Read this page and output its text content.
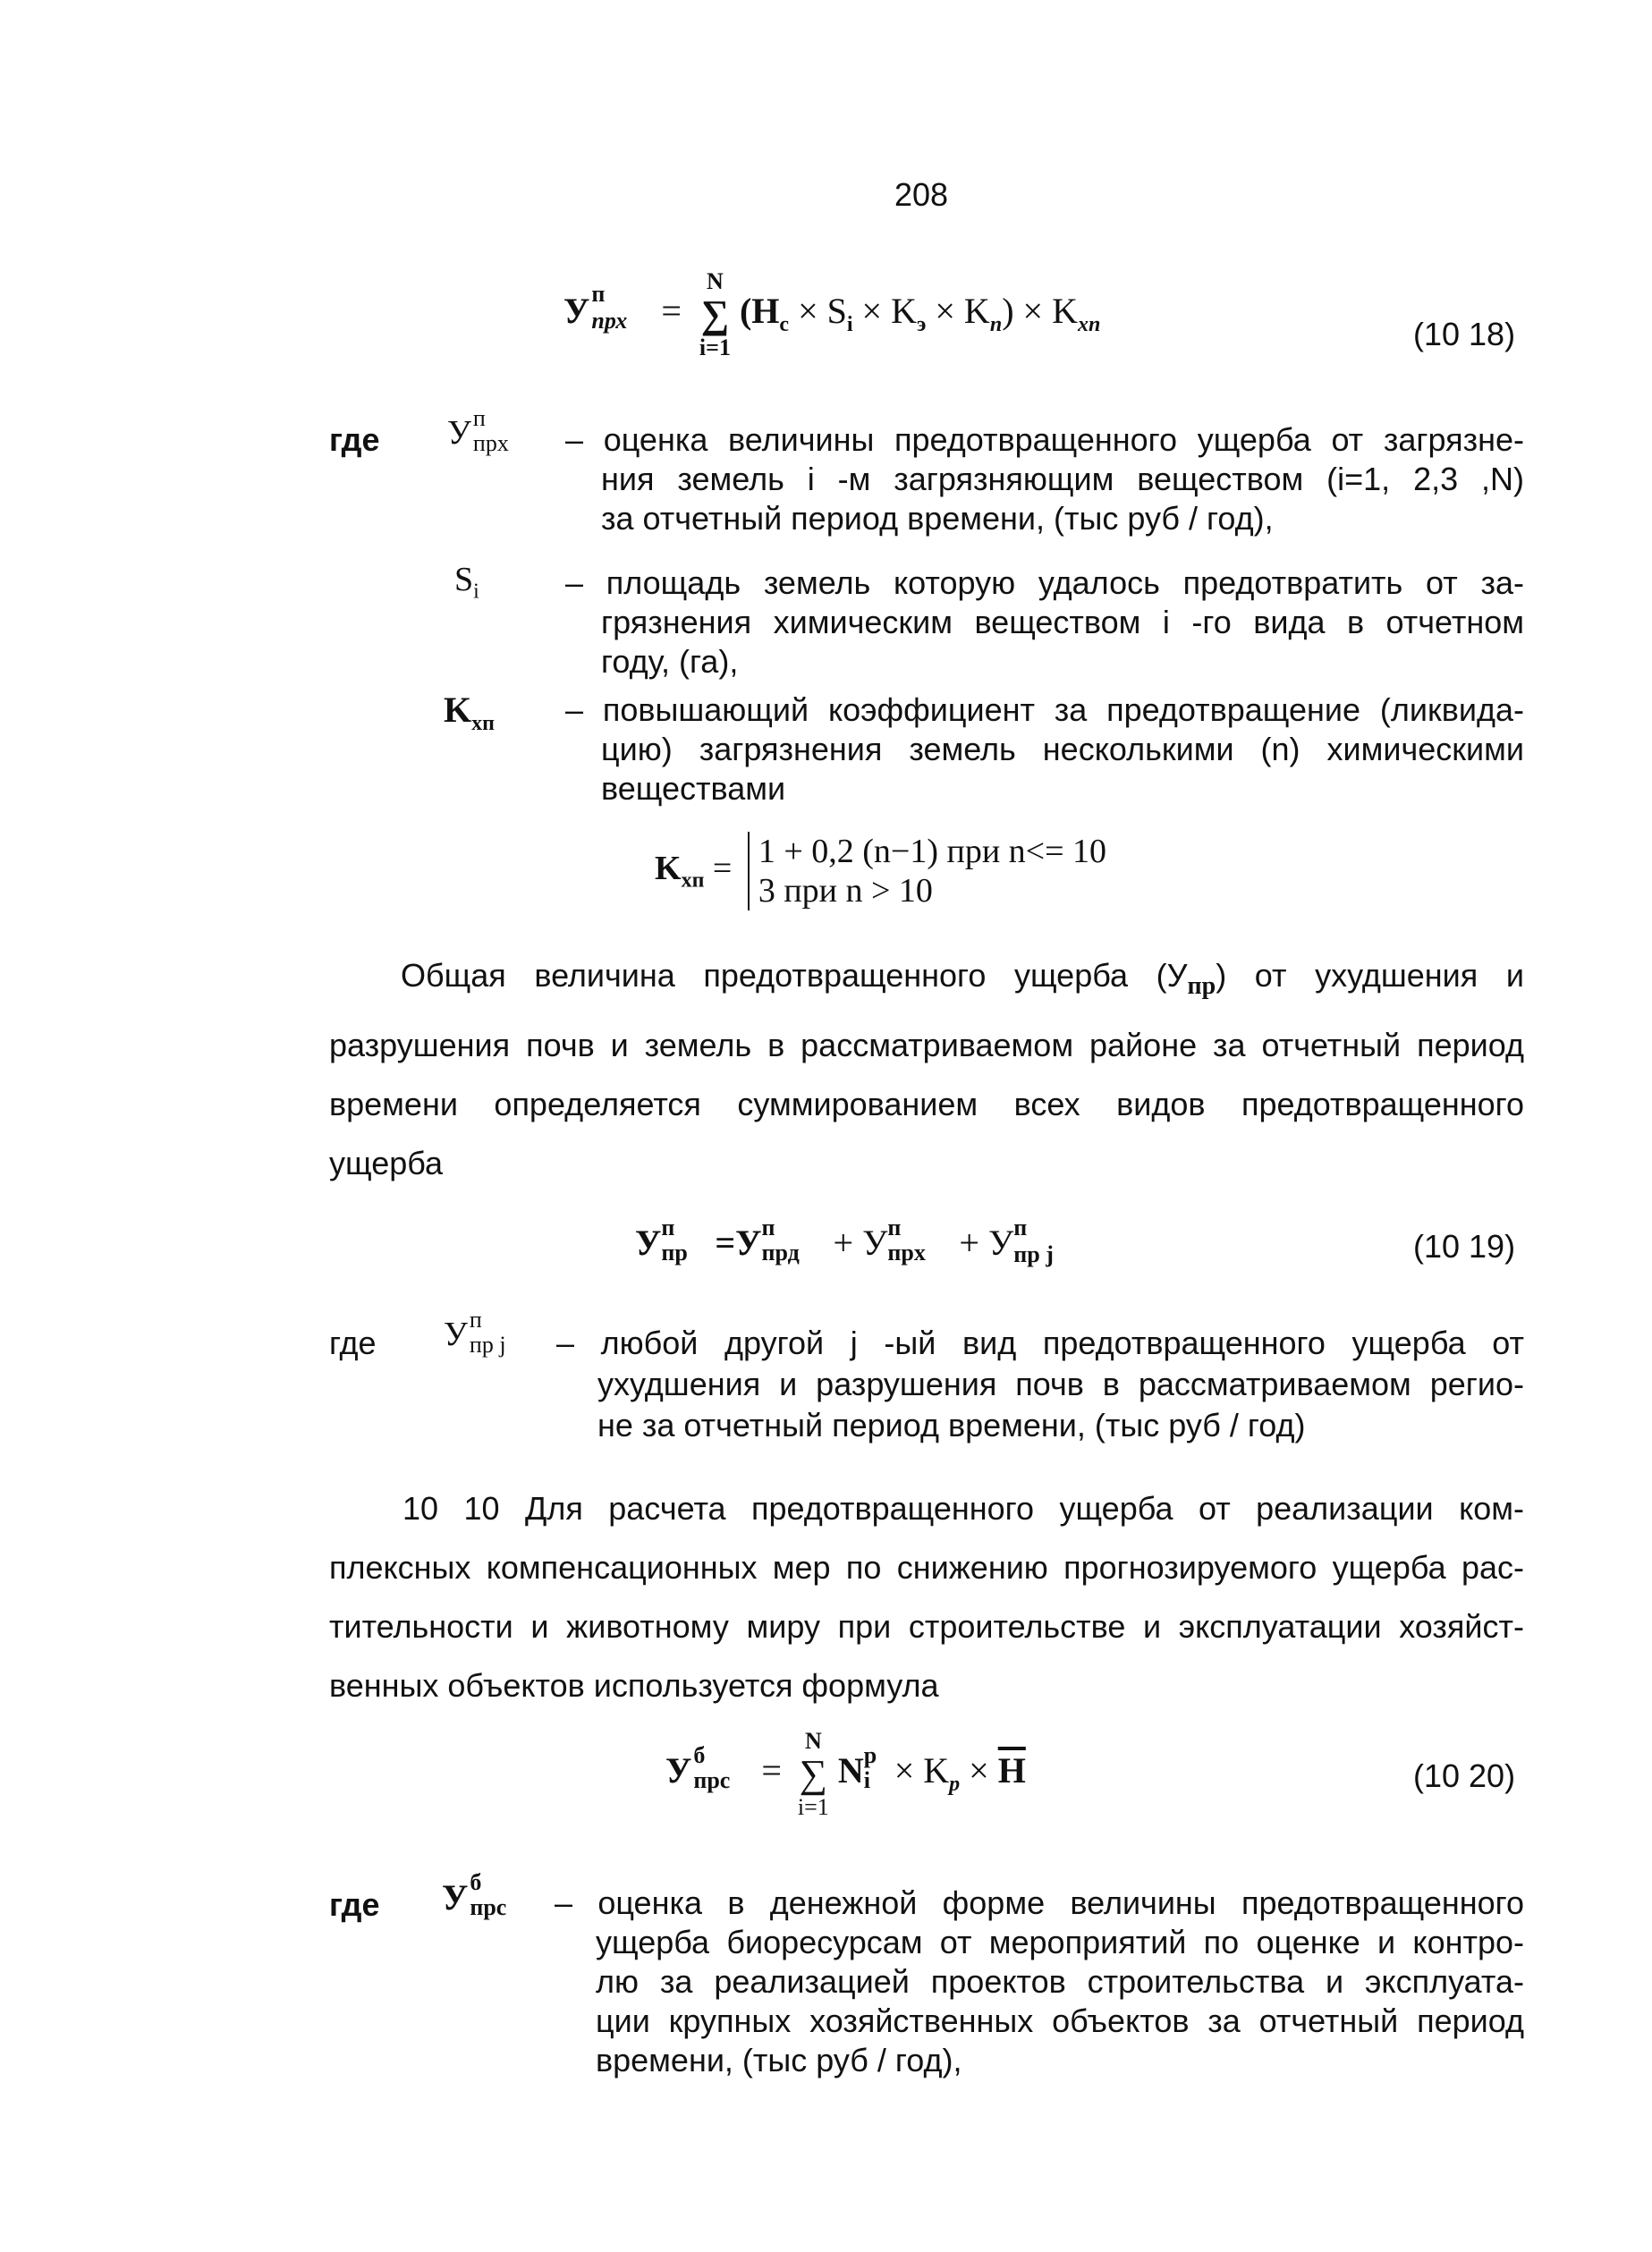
208
У п
прх =
N
∑
i=1
$(Н_с \times S_i \times K_э \times K_п) \times K_{хп}$	(10 18)
где У п
прх – оценка величины предотвращенного ущерба от загрязне-
ния земель i -м загрязняющим веществом (i=1, 2,3 ,N)
за отчетный период времени, (тыс руб / год),
$S_i$	– площадь земель которую удалось предотвратить от за-
грязнения химическим веществом i -го вида в отчетном
году, (га),
$K_{хп}$ – повышающий коэффициент за предотвращение (ликвида-
цию) загрязнения земель несколькими (n) химическими
веществами
$K_{хп} = 1 + 0,2$ (n−1) при n<= 10
3 при n > 10
Общая величина предотвращенного ущерба $(У_{пр})$ от ухудшения и
разрушения почв и земель в рассматриваемом районе за отчетный период
времени определяется суммированием всех видов предотвращенного
ущерба
У п
пр =У п
прд + У п
прх + У п
пр j	(10 19)
где У п
пр j – любой другой j -ый вид предотвращенного ущерба от
ухудшения и разрушения почв в рассматриваемом регио-
не за отчетный период времени, (тыс руб / год)
10 10 Для расчета предотвращенного ущерба от реализации ком-
плексных компенсационных мер по снижению прогнозируемого ущерба рас-
тительности и животному миру при строительстве и эксплуатации хозяйст-
венных объектов используется формула
У б
прс =
N
∑
i=1
N p
$i \times K_p \times Н$	(10 20)
где У б
прс – оценка в денежной форме величины предотвращенного
ущерба биоресурсам от мероприятий по оценке и контро-
лю за реализацией проектов строительства и эксплуата-
ции крупных хозяйственных объектов за отчетный период
времени, (тыс руб / год),
